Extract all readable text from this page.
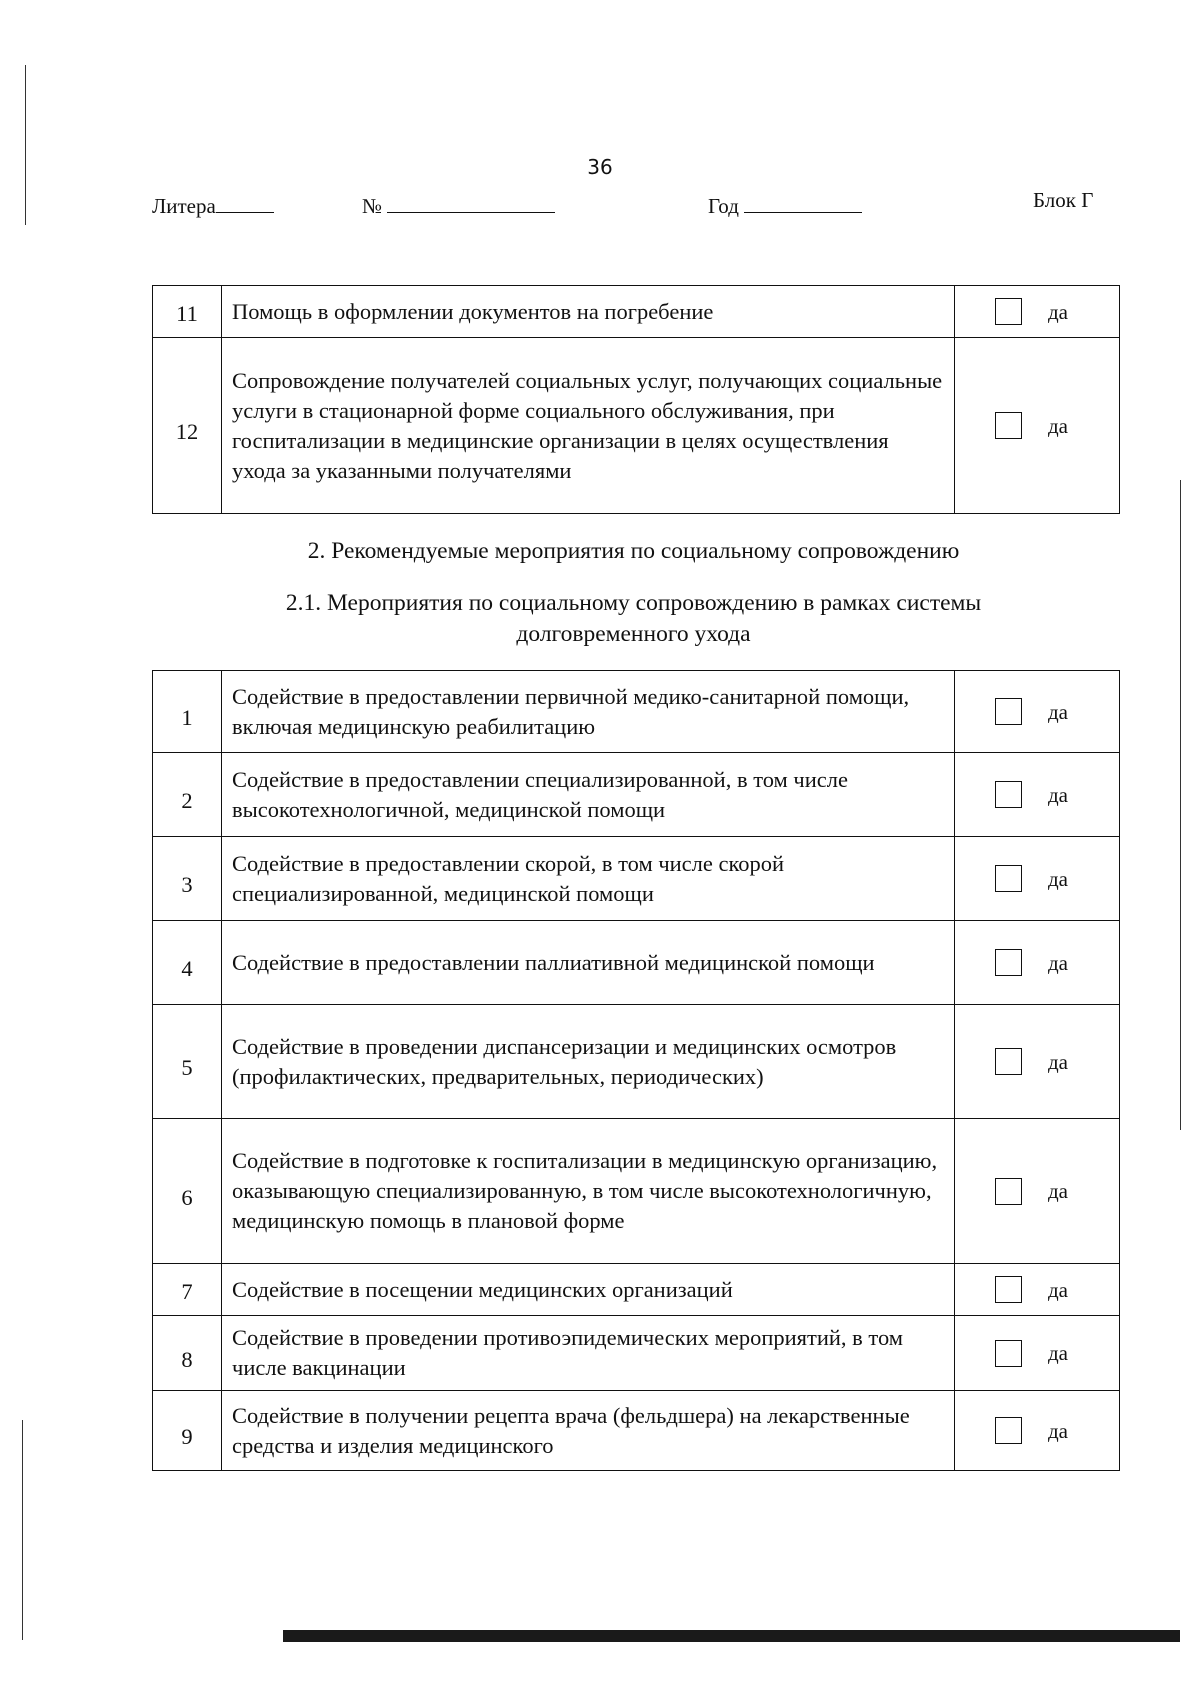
36
Литера	№	Год	Блок Г
11	Помощь в оформлении документов на погребение	да

12	Сопровождение получателей социальных услуг, получающих социальные услуги в стационарной форме социального обслуживания, при госпитализации в медицинские организации в целях осуществления ухода за указанными получателями	да
2. Рекомендуемые мероприятия по социальному сопровождению
2.1. Мероприятия по социальному сопровождению в рамках системы
долговременного ухода
1	Содействие в предоставлении первичной медико-санитарной помощи, включая медицинскую реабилитацию	да

2	Содействие в предоставлении специализированной, в том числе высокотехнологичной, медицинской помощи	да

3	Содействие в предоставлении скорой, в том числе скорой специализированной, медицинской помощи	да

4	Содействие в предоставлении паллиативной медицинской помощи	да

5	Содействие в проведении диспансеризации и медицинских осмотров (профилактических, предварительных, периодических)	да

6	Содействие в подготовке к госпитализации в медицинскую организацию, оказывающую специализированную, в том числе высокотехнологичную, медицинскую помощь в плановой форме	да

7	Содействие в посещении медицинских организаций	да

8	Содействие в проведении противоэпидемических мероприятий, в том числе вакцинации	да

9	Содействие в получении рецепта врача (фельдшера) на лекарственные средства и изделия медицинского	да
